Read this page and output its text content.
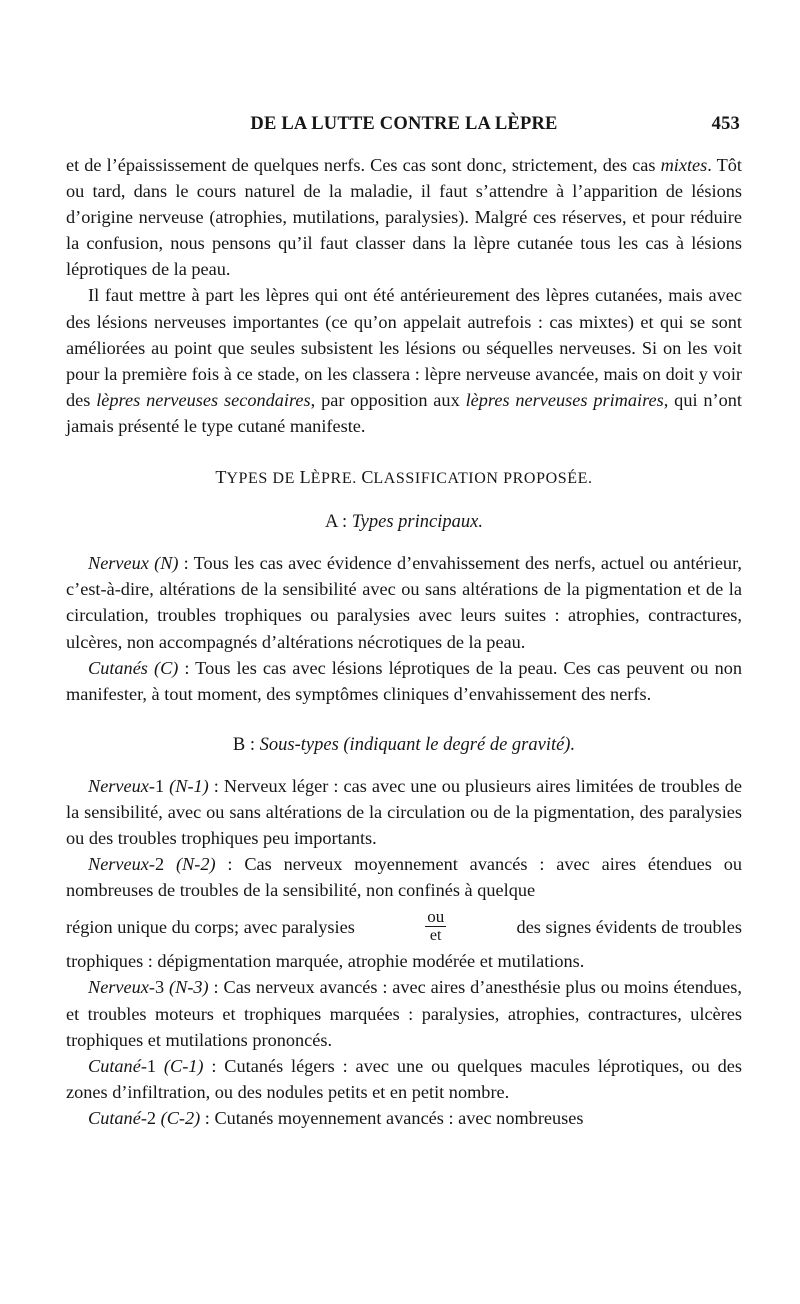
DE LA LUTTE CONTRE LA LÈPRE	453

et de l’épaississement de quelques nerfs. Ces cas sont donc, strictement, des cas mixtes. Tôt ou tard, dans le cours naturel de la maladie, il faut s’attendre à l’apparition de lésions d’origine nerveuse (atrophies, mutilations, paralysies). Malgré ces réserves, et pour réduire la confusion, nous pensons qu’il faut classer dans la lèpre cutanée tous les cas à lésions léprotiques de la peau.

Il faut mettre à part les lèpres qui ont été antérieurement des lèpres cutanées, mais avec des lésions nerveuses importantes (ce qu’on appelait autrefois : cas mixtes) et qui se sont améliorées au point que seules subsistent les lésions ou séquelles nerveuses. Si on les voit pour la première fois à ce stade, on les classera : lèpre nerveuse avancée, mais on doit y voir des lèpres nerveuses secondaires, par opposition aux lèpres nerveuses primaires, qui n’ont jamais présenté le type cutané manifeste.

TYPES DE LÈPRE. CLASSIFICATION PROPOSÉE.

A : Types principaux.

Nerveux (N) : Tous les cas avec évidence d’envahissement des nerfs, actuel ou antérieur, c’est-à-dire, altérations de la sensibilité avec ou sans altérations de la pigmentation et de la circulation, troubles trophiques ou paralysies avec leurs suites : atrophies, contractures, ulcères, non accompagnés d’altérations nécrotiques de la peau.

Cutanés (C) : Tous les cas avec lésions léprotiques de la peau. Ces cas peuvent ou non manifester, à tout moment, des symptômes cliniques d’envahissement des nerfs.

B : Sous-types (indiquant le degré de gravité).

Nerveux-1 (N-1) : Nerveux léger : cas avec une ou plusieurs aires limitées de troubles de la sensibilité, avec ou sans altérations de la circulation ou de la pigmentation, des paralysies ou des troubles trophiques peu importants.

Nerveux-2 (N-2) : Cas nerveux moyennement avancés : avec aires étendues ou nombreuses de troubles de la sensibilité, non confinés à quelque

région unique du corps; avec paralysies	$\frac{ou}{et}$	des signes évidents de troubles

trophiques : dépigmentation marquée, atrophie modérée et mutilations.

Nerveux-3 (N-3) : Cas nerveux avancés : avec aires d’anesthésie plus ou moins étendues, et troubles moteurs et trophiques marquées : paralysies, atrophies, contractures, ulcères trophiques et mutilations prononcés.

Cutané-1 (C-1) : Cutanés légers : avec une ou quelques macules léprotiques, ou des zones d’infiltration, ou des nodules petits et en petit nombre.

Cutané-2 (C-2) : Cutanés moyennement avancés : avec nombreuses
